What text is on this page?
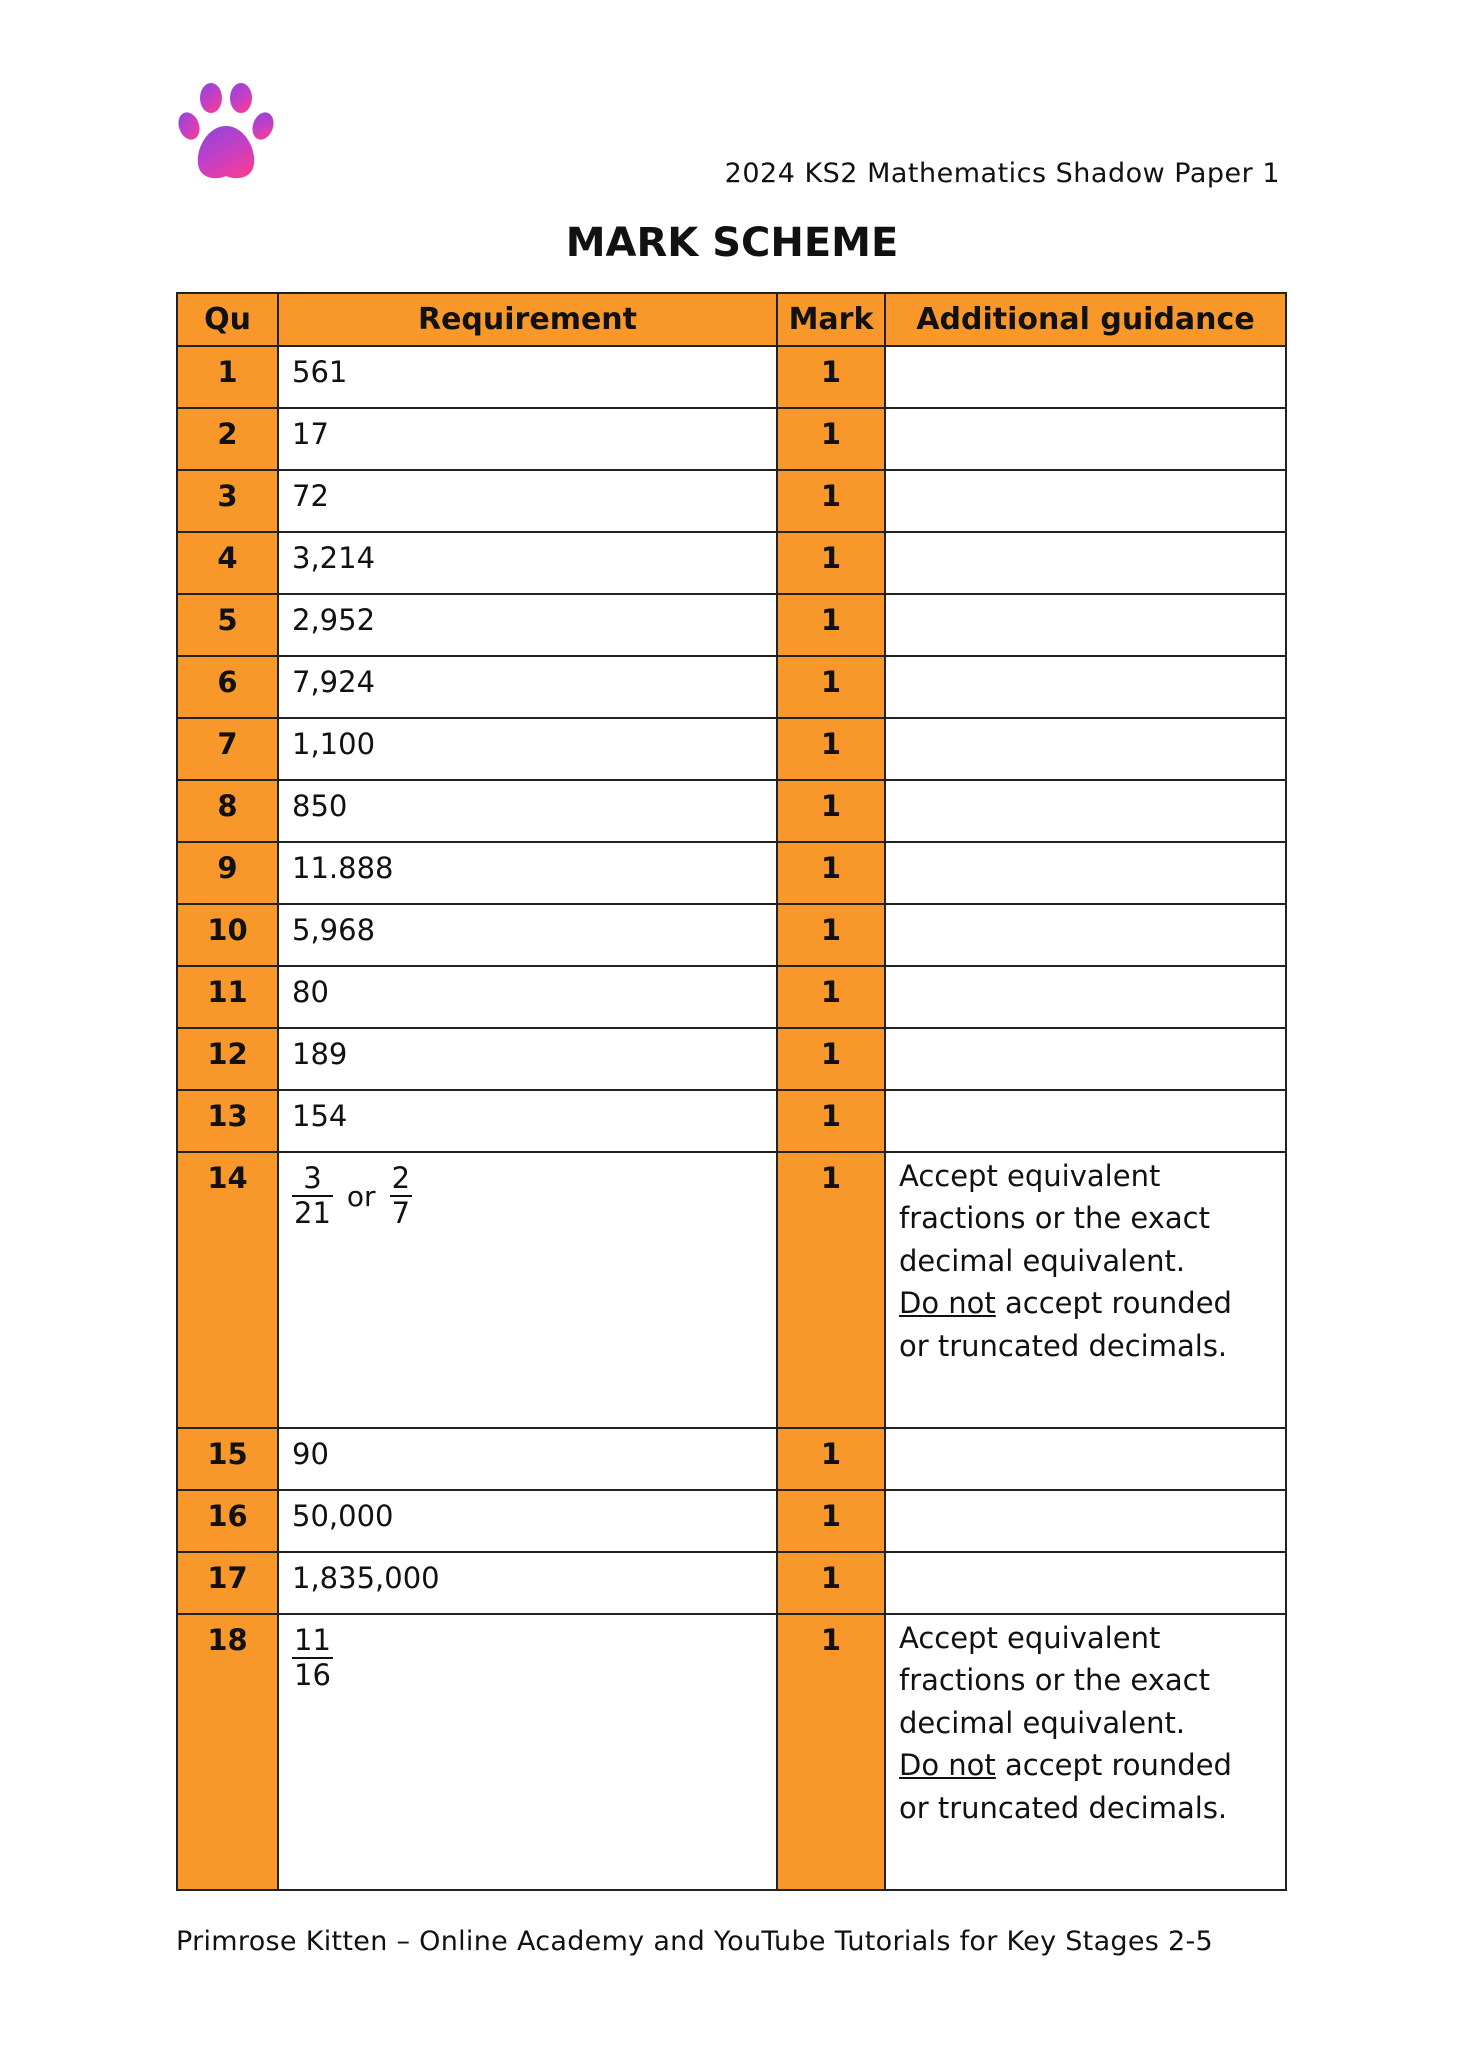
2024 KS2 Mathematics Shadow Paper 1
MARK SCHEME
Qu	Requirement	Mark	Additional guidance
1	561	1	
2	17	1	
3	72	1	
4	3,214	1	
5	2,952	1	
6	7,924	1	
7	1,100	1	
8	850	1	
9	11.888	1	
10	5,968	1	
11	80	1	
12	189	1	
13	154	1	
14	$\frac{3}{21}$ or $\frac{2}{7}$	1	Accept equivalent
fractions or the exact
decimal equivalent.
Do not accept rounded
or truncated decimals.

15	90	1	
16	50,000	1	
17	1,835,000	1	
18	$\frac{11}{16}$	1	Accept equivalent
fractions or the exact
decimal equivalent.
Do not accept rounded
or truncated decimals.
Primrose Kitten – Online Academy and YouTube Tutorials for Key Stages 2-5
